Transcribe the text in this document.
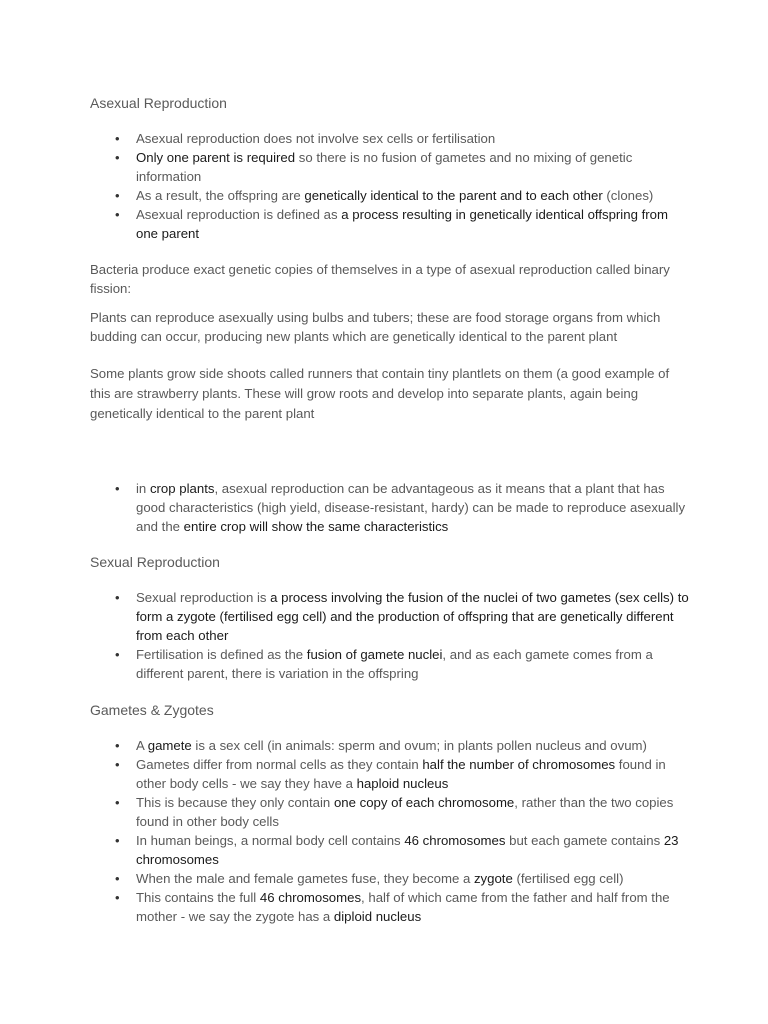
Asexual Reproduction
• Asexual reproduction does not involve sex cells or fertilisation
• Only one parent is required so there is no fusion of gametes and no mixing of genetic information
• As a result, the offspring are genetically identical to the parent and to each other (clones)
• Asexual reproduction is defined as a process resulting in genetically identical offspring from one parent

Bacteria produce exact genetic copies of themselves in a type of asexual reproduction called binary fission:

Plants can reproduce asexually using bulbs and tubers; these are food storage organs from which budding can occur, producing new plants which are genetically identical to the parent plant

Some plants grow side shoots called runners that contain tiny plantlets on them (a good example of this are strawberry plants. These will grow roots and develop into separate plants, again being genetically identical to the parent plant

• in crop plants, asexual reproduction can be advantageous as it means that a plant that has good characteristics (high yield, disease-resistant, hardy) can be made to reproduce asexually and the entire crop will show the same characteristics
Sexual Reproduction
• Sexual reproduction is a process involving the fusion of the nuclei of two gametes (sex cells) to form a zygote (fertilised egg cell) and the production of offspring that are genetically different from each other
• Fertilisation is defined as the fusion of gamete nuclei, and as each gamete comes from a different parent, there is variation in the offspring
Gametes & Zygotes
• A gamete is a sex cell (in animals: sperm and ovum; in plants pollen nucleus and ovum)
• Gametes differ from normal cells as they contain half the number of chromosomes found in other body cells - we say they have a haploid nucleus
• This is because they only contain one copy of each chromosome, rather than the two copies found in other body cells
• In human beings, a normal body cell contains 46 chromosomes but each gamete contains 23 chromosomes
• When the male and female gametes fuse, they become a zygote (fertilised egg cell)
• This contains the full 46 chromosomes, half of which came from the father and half from the mother - we say the zygote has a diploid nucleus
